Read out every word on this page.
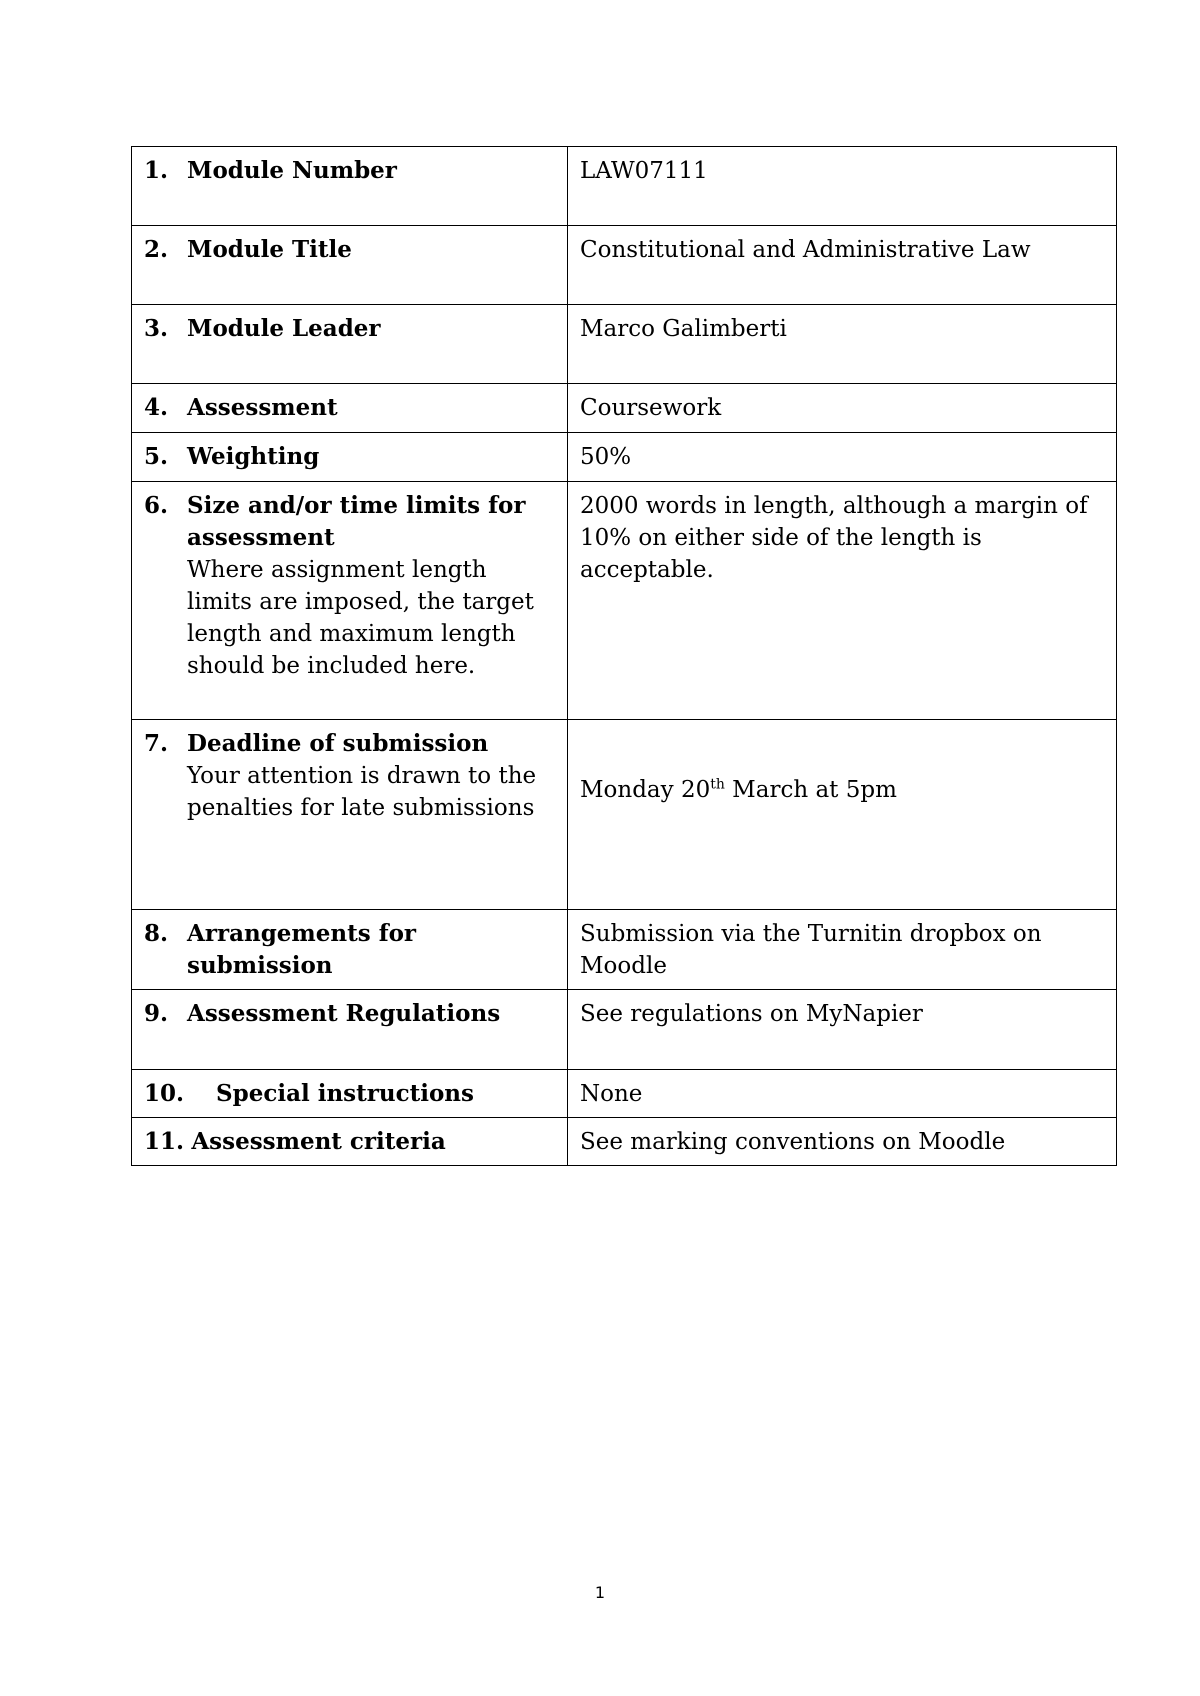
1. Module Number	LAW07111

2. Module Title	Constitutional and Administrative Law

3. Module Leader	Marco Galimberti

4. Assessment	Coursework

5. Weighting	50%

6. Size and/or time limits for assessment
Where assignment length limits are imposed, the target length and maximum length should be included here.	2000 words in length, although a margin of 10% on either side of the length is acceptable.

7. Deadline of submission
Your attention is drawn to the penalties for late submissions	Monday 20th March at 5pm

8. Arrangements for submission	Submission via the Turnitin dropbox on Moodle

9. Assessment Regulations	See regulations on MyNapier

10. Special instructions	None

11. Assessment criteria	See marking conventions on Moodle
1
